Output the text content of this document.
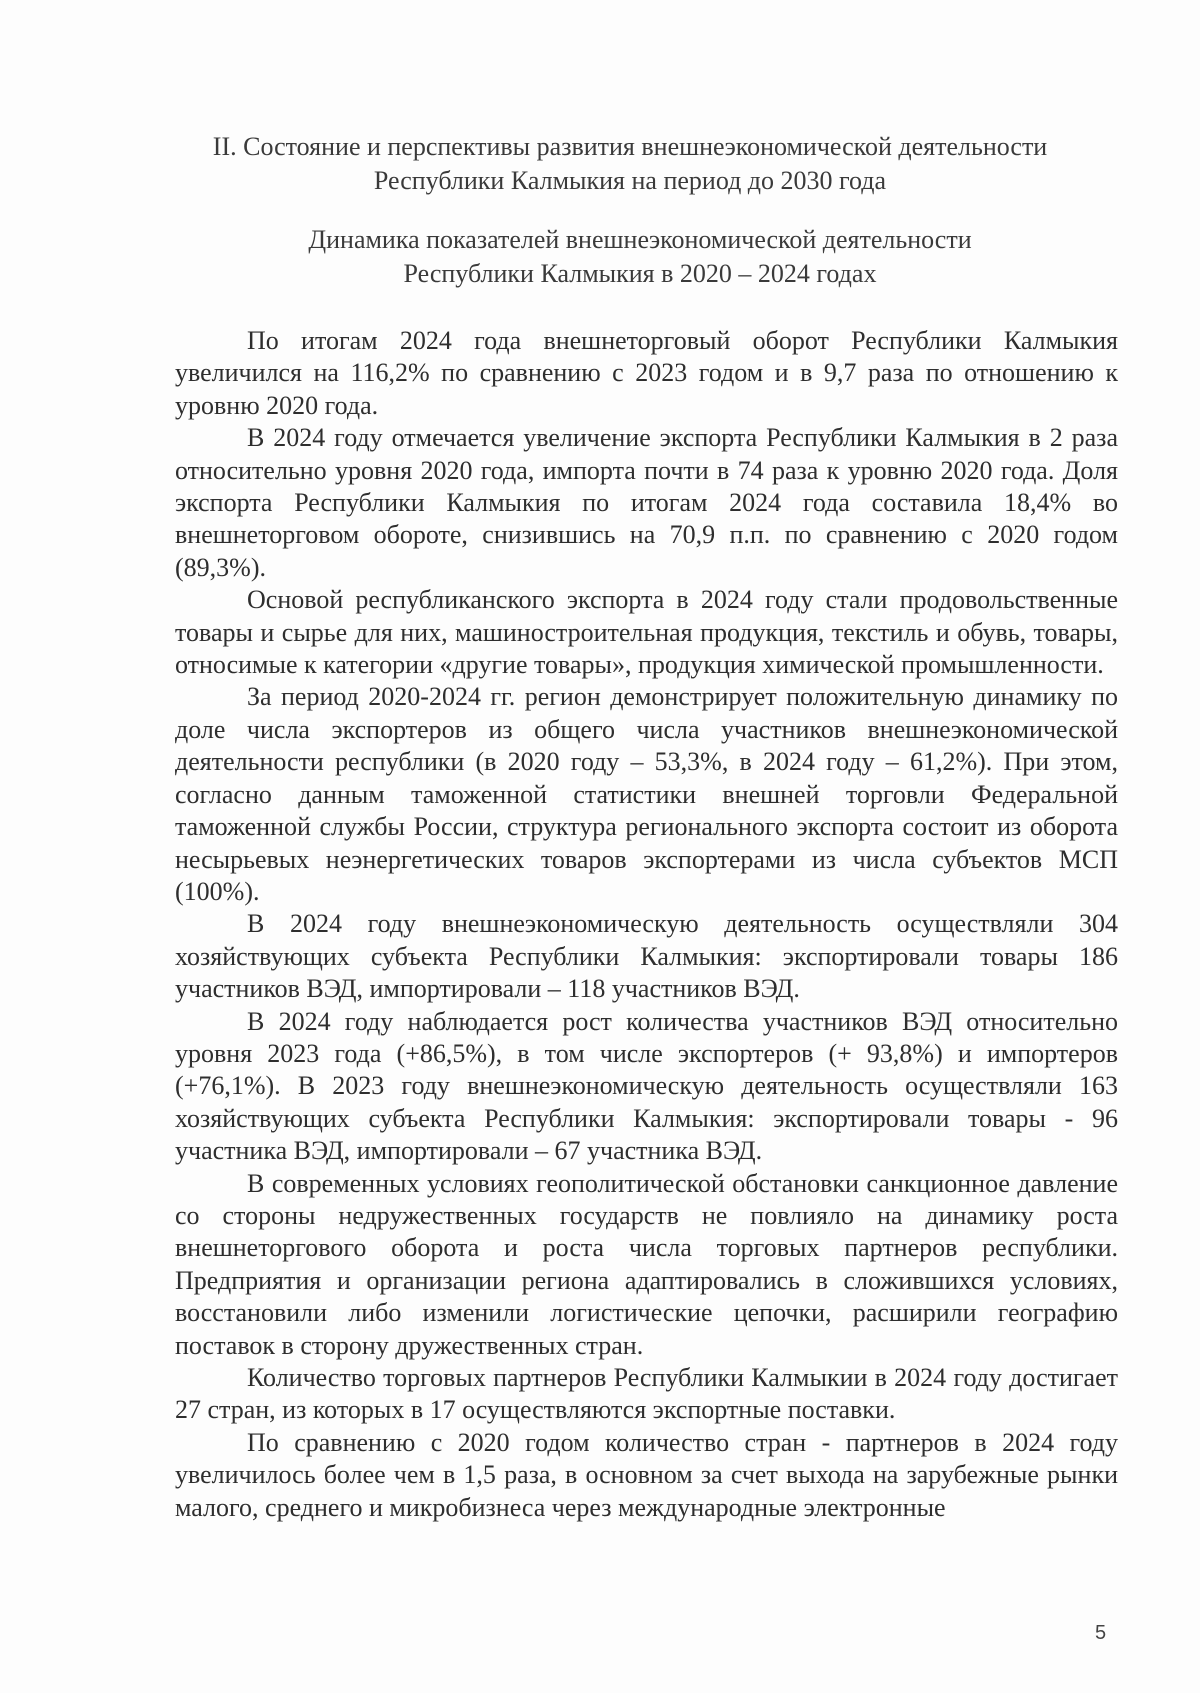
II. Состояние и перспективы развития внешнеэкономической деятельности
Республики Калмыкия на период до 2030 года
Динамика показателей внешнеэкономической деятельности
Республики Калмыкия в 2020 – 2024 годах

По итогам 2024 года внешнеторговый оборот Республики Калмыкия увеличился на 116,2% по сравнению с 2023 годом и в 9,7 раза по отношению к уровню 2020 года.

В 2024 году отмечается увеличение экспорта Республики Калмыкия в 2 раза относительно уровня 2020 года, импорта почти в 74 раза к уровню 2020 года. Доля экспорта Республики Калмыкия по итогам 2024 года составила 18,4% во внешнеторговом обороте, снизившись на 70,9 п.п. по сравнению с 2020 годом (89,3%).

Основой республиканского экспорта в 2024 году стали продовольственные товары и сырье для них, машиностроительная продукция, текстиль и обувь, товары, относимые к категории «другие товары», продукция химической промышленности.

За период 2020-2024 гг. регион демонстрирует положительную динамику по доле числа экспортеров из общего числа участников внешнеэкономической деятельности республики (в 2020 году – 53,3%, в 2024 году – 61,2%). При этом, согласно данным таможенной статистики внешней торговли Федеральной таможенной службы России, структура регионального экспорта состоит из оборота несырьевых неэнергетических товаров экспортерами из числа субъектов МСП (100%).

В 2024 году внешнеэкономическую деятельность осуществляли 304 хозяйствующих субъекта Республики Калмыкия: экспортировали товары 186 участников ВЭД, импортировали – 118 участников ВЭД.

В 2024 году наблюдается рост количества участников ВЭД относительно уровня 2023 года (+86,5%), в том числе экспортеров (+ 93,8%) и импортеров (+76,1%). В 2023 году внешнеэкономическую деятельность осуществляли 163 хозяйствующих субъекта Республики Калмыкия: экспортировали товары - 96 участника ВЭД, импортировали – 67 участника ВЭД.

В современных условиях геополитической обстановки санкционное давление со стороны недружественных государств не повлияло на динамику роста внешнеторгового оборота и роста числа торговых партнеров республики. Предприятия и организации региона адаптировались в сложившихся условиях, восстановили либо изменили логистические цепочки, расширили географию поставок в сторону дружественных стран.

Количество торговых партнеров Республики Калмыкии в 2024 году достигает 27 стран, из которых в 17 осуществляются экспортные поставки.

По сравнению с 2020 годом количество стран - партнеров в 2024 году увеличилось более чем в 1,5 раза, в основном за счет выхода на зарубежные рынки малого, среднего и микробизнеса через международные электронные

5
